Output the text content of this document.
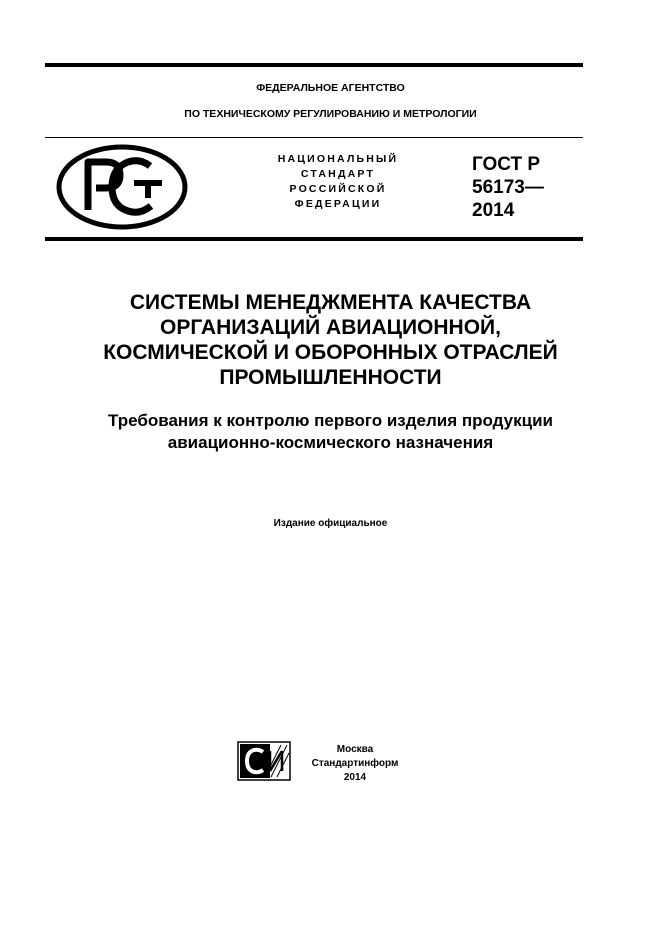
ФЕДЕРАЛЬНОЕ АГЕНТСТВО
ПО ТЕХНИЧЕСКОМУ РЕГУЛИРОВАНИЮ И МЕТРОЛОГИИ
НАЦИОНАЛЬНЫЙ
СТАНДАРТ
РОССИЙСКОЙ
ФЕДЕРАЦИИ
ГОСТ Р
56173—
2014
СИСТЕМЫ МЕНЕДЖМЕНТА КАЧЕСТВА
ОРГАНИЗАЦИЙ АВИАЦИОННОЙ,
КОСМИЧЕСКОЙ И ОБОРОННЫХ ОТРАСЛЕЙ
ПРОМЫШЛЕННОСТИ
Требования к контролю первого изделия продукции
авиационно-космического назначения
Издание официальное
Москва
Стандартинформ
2014
